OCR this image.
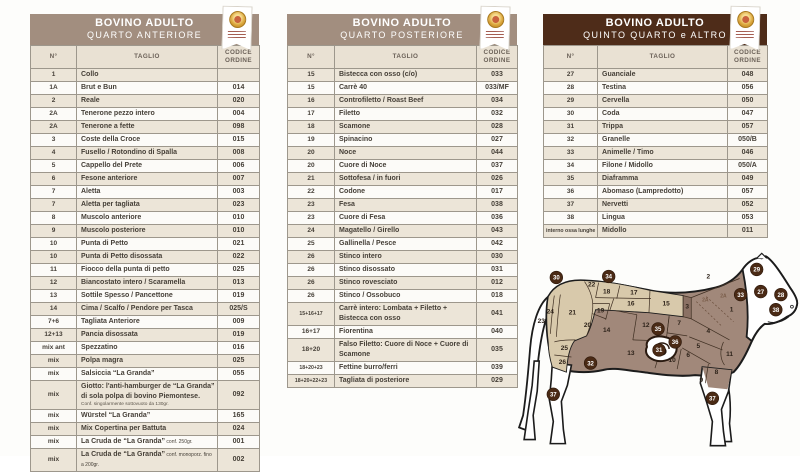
BOVINO ADULTO
QUARTO ANTERIORE
N°	TAGLIO	CODICE ORDINE
1	Collo	
1A	Brut e Bun	014
2	Reale	020
2A	Tenerone pezzo intero	004
2A	Tenerone a fette	098
3	Coste della Croce	015
4	Fusello / Rotondino di Spalla	008
5	Cappello del Prete	006
6	Fesone anteriore	007
7	Aletta	003
7	Aletta per tagliata	023
8	Muscolo anteriore	010
9	Muscolo posteriore	010
10	Punta di Petto	021
10	Punta di Petto disossata	022
11	Fiocco della punta di petto	025
12	Biancostato intero / Scaramella	013
13	Sottile Spesso / Pancettone	019
14	Cima / Scalfo / Pendore per Tasca	025/S
7+6	Tagliata Anteriore	009
12+13	Pancia disossata	019
mix ant	Spezzatino	016
mix	Polpa magra	025
mix	Salsiccia “La Granda”	055
mix	Giotto: l'anti-hamburger de “La Granda” di sola polpa di bovino Piemontese.
Conf. singolarmente sottovuoto da 130gr.	092
mix	Würstel “La Granda”	165
mix	Mix Copertina per Battuta	024
mix	La Cruda de “La Granda” conf. 250gr.	001
mix	La Cruda de “La Granda” conf. monoporz. fino a 200gr.	002
BOVINO ADULTO
QUARTO POSTERIORE
N°	TAGLIO	CODICE ORDINE
15	Bistecca con osso (c/o)	033
15	Carrè 40	033/MF
16	Controfiletto / Roast Beef	034
17	Filetto	032
18	Scamone	028
19	Spinacino	027
20	Noce	044
20	Cuore di Noce	037
21	Sottofesa / in fuori	026
22	Codone	017
23	Fesa	038
23	Cuore di Fesa	036
24	Magatello / Girello	043
25	Gallinella / Pesce	042
26	Stinco intero	030
26	Stinco disossato	031
26	Stinco rovesciato	012
26	Stinco / Ossobuco	018
15+16+17	Carrè intero: Lombata + Filetto + Bistecca con osso	041
16+17	Fiorentina	040
18+20	Falso Filetto: Cuore di Noce + Cuore di Scamone	035
18+20+23	Fettine burro/ferri	039
18+20+22+23	Tagliata di posteriore	029
BOVINO ADULTO
QUINTO QUARTO e ALTRO
N°	TAGLIO	CODICE ORDINE
27	Guanciale	048
28	Testina	056
29	Cervella	050
30	Coda	047
31	Trippa	057
32	Granelle	050/B
33	Animelle / Timo	046
34	Filone / Midollo	050/A
35	Diaframma	049
36	Abomaso (Lampredotto)	057
37	Nervetti	052
38	Lingua	053
interno ossa lunghe	Midollo	011
21
22
18	17
16	15
19
20
24
23
25
26
14
12
13
3
2
1
7
4
5
6
10
11
8
9
2A
2A
30	34
35
36
31
32
37
37
29
33
27
28
38
